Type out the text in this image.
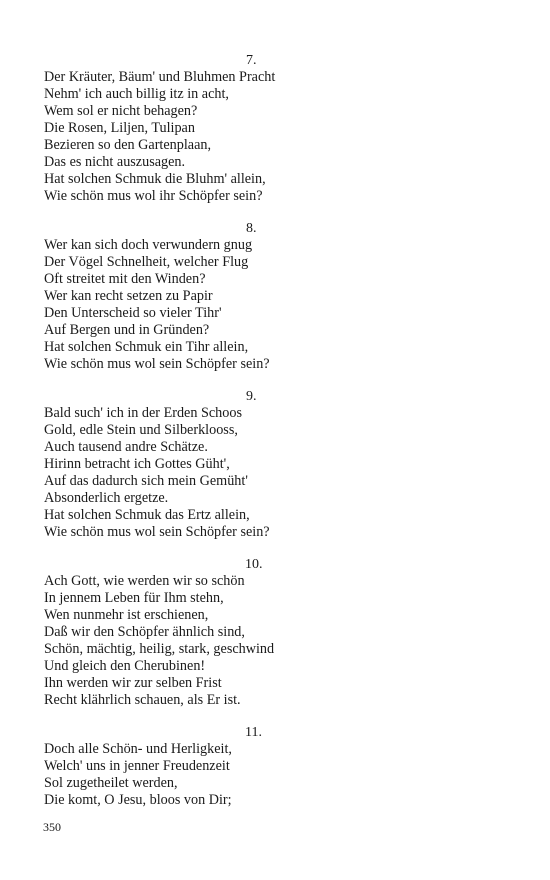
7.
Der Kräuter, Bäum' und Bluhmen Pracht
Nehm' ich auch billig itz in acht,
Wem sol er nicht behagen?
Die Rosen, Liljen, Tulipan
Bezieren so den Gartenplaan,
Das es nicht auszusagen.
Hat solchen Schmuk die Bluhm' allein,
Wie schön mus wol ihr Schöpfer sein?
8.
Wer kan sich doch verwundern gnug
Der Vögel Schnelheit, welcher Flug
Oft streitet mit den Winden?
Wer kan recht setzen zu Papir
Den Unterscheid so vieler Tihr'
Auf Bergen und in Gründen?
Hat solchen Schmuk ein Tihr allein,
Wie schön mus wol sein Schöpfer sein?
9.
Bald such' ich in der Erden Schoos
Gold, edle Stein und Silberklooss,
Auch tausend andre Schätze.
Hirinn betracht ich Gottes Güht',
Auf das dadurch sich mein Gemüht'
Absonderlich ergetze.
Hat solchen Schmuk das Ertz allein,
Wie schön mus wol sein Schöpfer sein?
10.
Ach Gott, wie werden wir so schön
In jennem Leben für Ihm stehn,
Wen nunmehr ist erschienen,
Daß wir den Schöpfer ähnlich sind,
Schön, mächtig, heilig, stark, geschwind
Und gleich den Cherubinen!
Ihn werden wir zur selben Frist
Recht klährlich schauen, als Er ist.
11.
Doch alle Schön- und Herligkeit,
Welch' uns in jenner Freudenzeit
Sol zugetheilet werden,
Die komt, O Jesu, bloos von Dir;
350
